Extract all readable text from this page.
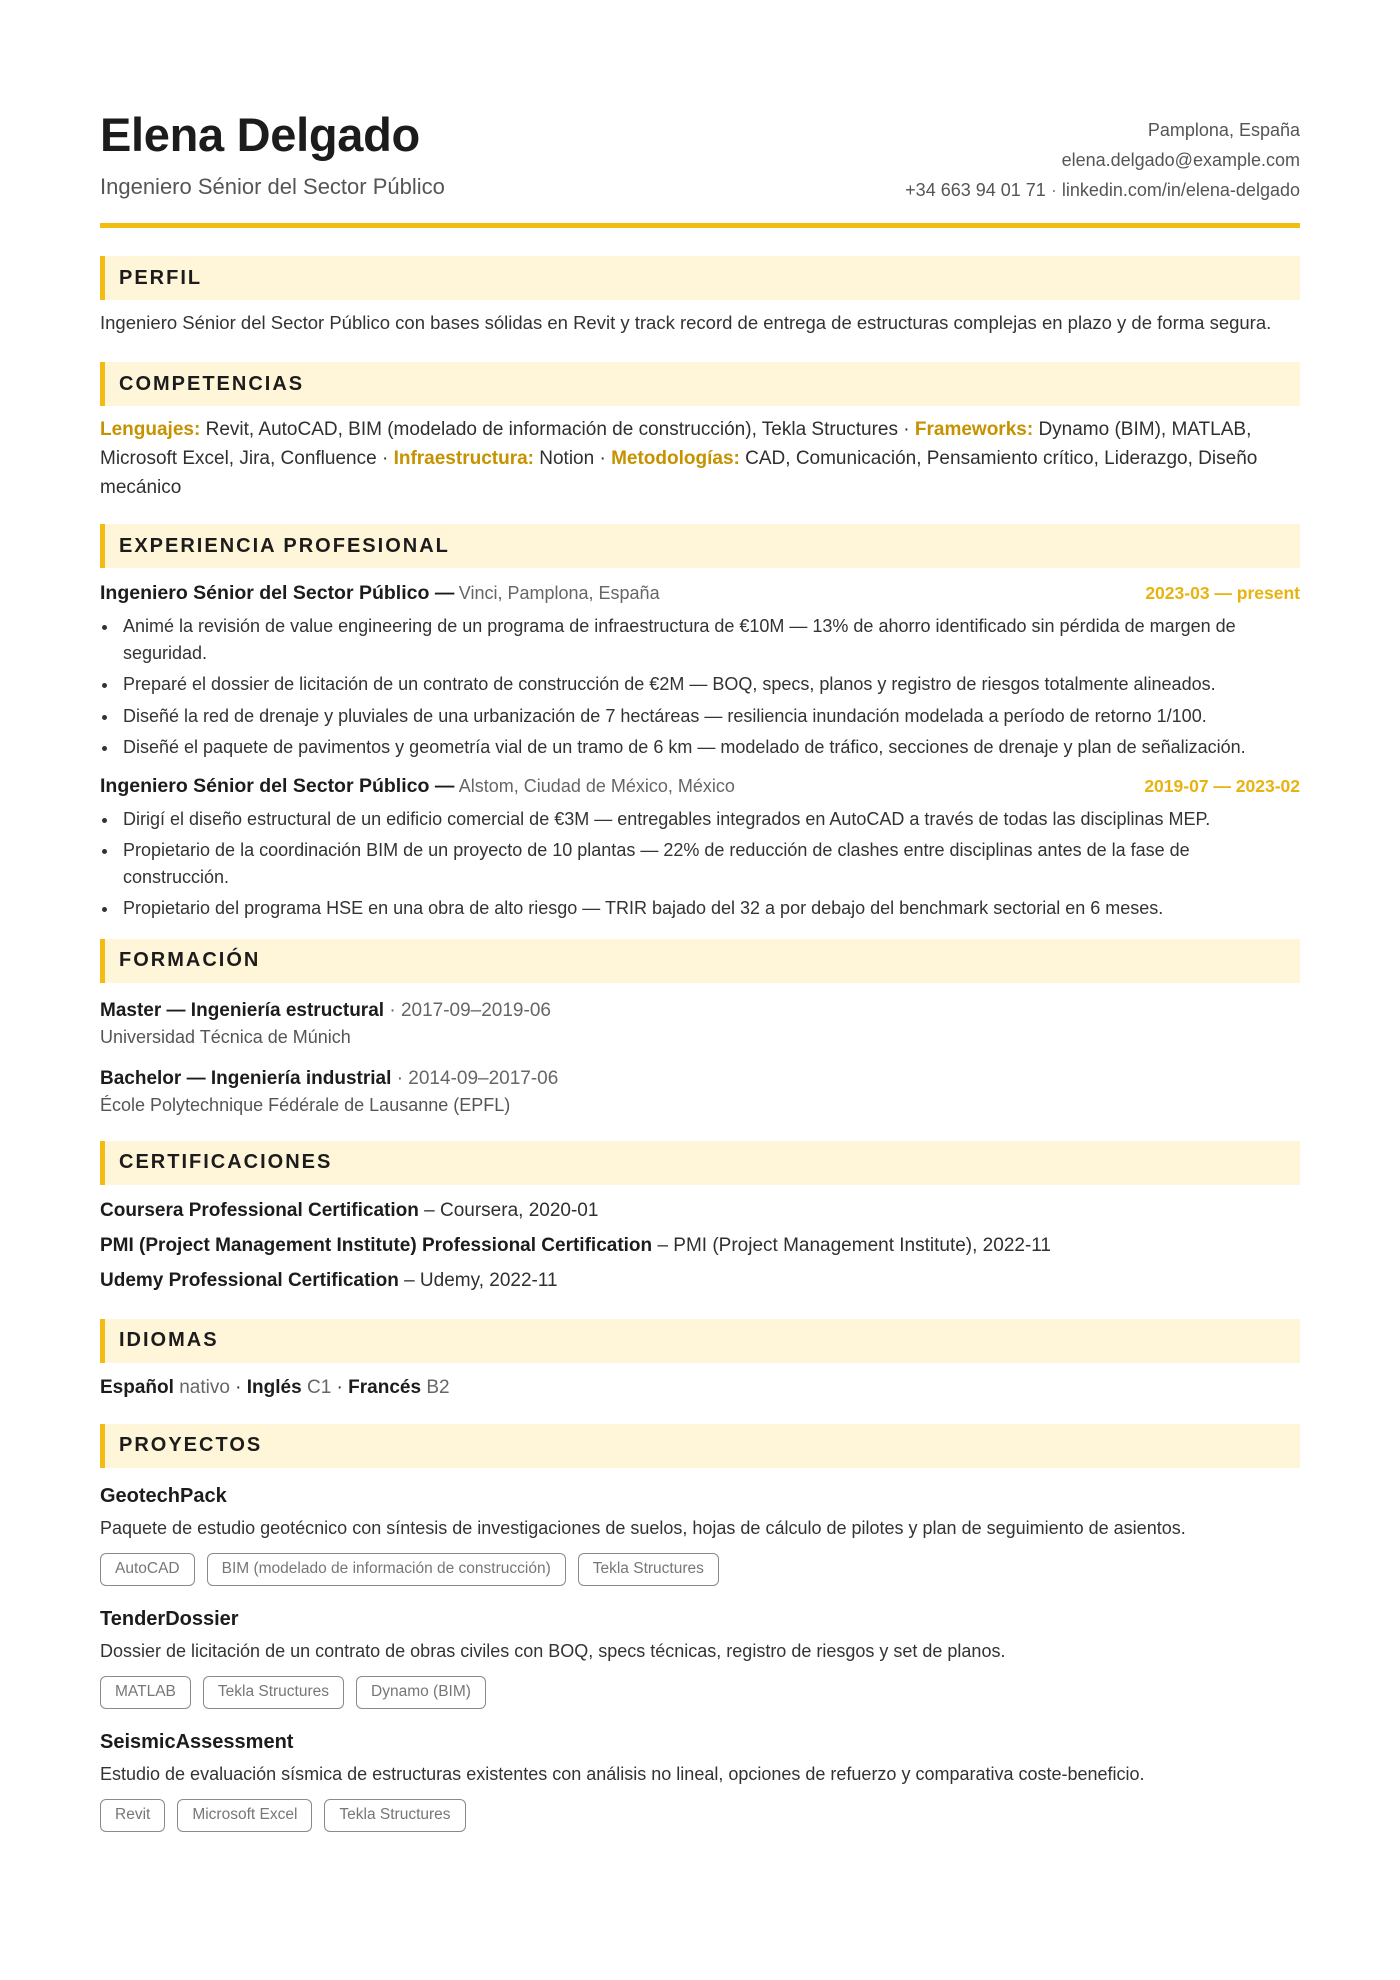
Elena Delgado
Ingeniero Sénior del Sector Público
Pamplona, España
elena.delgado@example.com
+34 663 94 01 71 · linkedin.com/in/elena-delgado
PERFIL
Ingeniero Sénior del Sector Público con bases sólidas en Revit y track record de entrega de estructuras complejas en plazo y de forma segura.
COMPETENCIAS
Lenguajes: Revit, AutoCAD, BIM (modelado de información de construcción), Tekla Structures · Frameworks: Dynamo (BIM), MATLAB, Microsoft Excel, Jira, Confluence · Infraestructura: Notion · Metodologías: CAD, Comunicación, Pensamiento crítico, Liderazgo, Diseño mecánico
EXPERIENCIA PROFESIONAL
Ingeniero Sénior del Sector Público — Vinci, Pamplona, España	2023-03 — present
Animé la revisión de value engineering de un programa de infraestructura de €10M — 13% de ahorro identificado sin pérdida de margen de seguridad.
Preparé el dossier de licitación de un contrato de construcción de €2M — BOQ, specs, planos y registro de riesgos totalmente alineados.
Diseñé la red de drenaje y pluviales de una urbanización de 7 hectáreas — resiliencia inundación modelada a período de retorno 1/100.
Diseñé el paquete de pavimentos y geometría vial de un tramo de 6 km — modelado de tráfico, secciones de drenaje y plan de señalización.
Ingeniero Sénior del Sector Público — Alstom, Ciudad de México, México	2019-07 — 2023-02
Dirigí el diseño estructural de un edificio comercial de €3M — entregables integrados en AutoCAD a través de todas las disciplinas MEP.
Propietario de la coordinación BIM de un proyecto de 10 plantas — 22% de reducción de clashes entre disciplinas antes de la fase de construcción.
Propietario del programa HSE en una obra de alto riesgo — TRIR bajado del 32 a por debajo del benchmark sectorial en 6 meses.
FORMACIÓN
Master — Ingeniería estructural · 2017-09–2019-06
Universidad Técnica de Múnich
Bachelor — Ingeniería industrial · 2014-09–2017-06
École Polytechnique Fédérale de Lausanne (EPFL)
CERTIFICACIONES
Coursera Professional Certification – Coursera, 2020-01
PMI (Project Management Institute) Professional Certification – PMI (Project Management Institute), 2022-11
Udemy Professional Certification – Udemy, 2022-11
IDIOMAS
Español nativo · Inglés C1 · Francés B2
PROYECTOS
GeotechPack
Paquete de estudio geotécnico con síntesis de investigaciones de suelos, hojas de cálculo de pilotes y plan de seguimiento de asientos.
AutoCAD	BIM (modelado de información de construcción)	Tekla Structures
TenderDossier
Dossier de licitación de un contrato de obras civiles con BOQ, specs técnicas, registro de riesgos y set de planos.
MATLAB	Tekla Structures	Dynamo (BIM)
SeismicAssessment
Estudio de evaluación sísmica de estructuras existentes con análisis no lineal, opciones de refuerzo y comparativa coste-beneficio.
Revit	Microsoft Excel	Tekla Structures
